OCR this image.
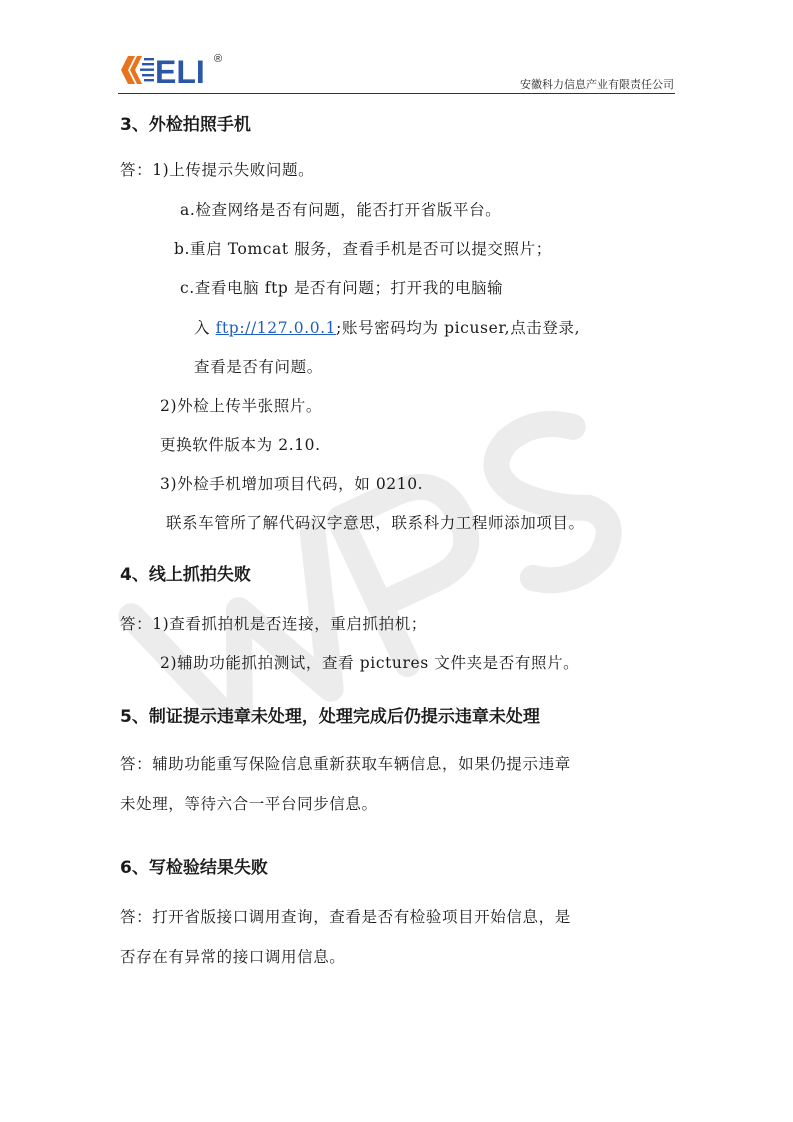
ELI ®
安徽科力信息产业有限责任公司
3、外检拍照手机
答：1)上传提示失败问题。
a.检查网络是否有问题，能否打开省版平台。
b.重启 Tomcat 服务，查看手机是否可以提交照片；
c.查看电脑 ftp 是否有问题；打开我的电脑输
入 ftp://127.0.0.1;账号密码均为 picuser,点击登录,
查看是否有问题。
2)外检上传半张照片。
更换软件版本为 2.10.
3)外检手机增加项目代码，如 0210.
联系车管所了解代码汉字意思，联系科力工程师添加项目。
4、线上抓拍失败
答：1)查看抓拍机是否连接，重启抓拍机；
2)辅助功能抓拍测试，查看 pictures 文件夹是否有照片。
5、制证提示违章未处理，处理完成后仍提示违章未处理
答：辅助功能重写保险信息重新获取车辆信息，如果仍提示违章
未处理，等待六合一平台同步信息。
6、写检验结果失败
答：打开省版接口调用查询，查看是否有检验项目开始信息，是
否存在有异常的接口调用信息。
